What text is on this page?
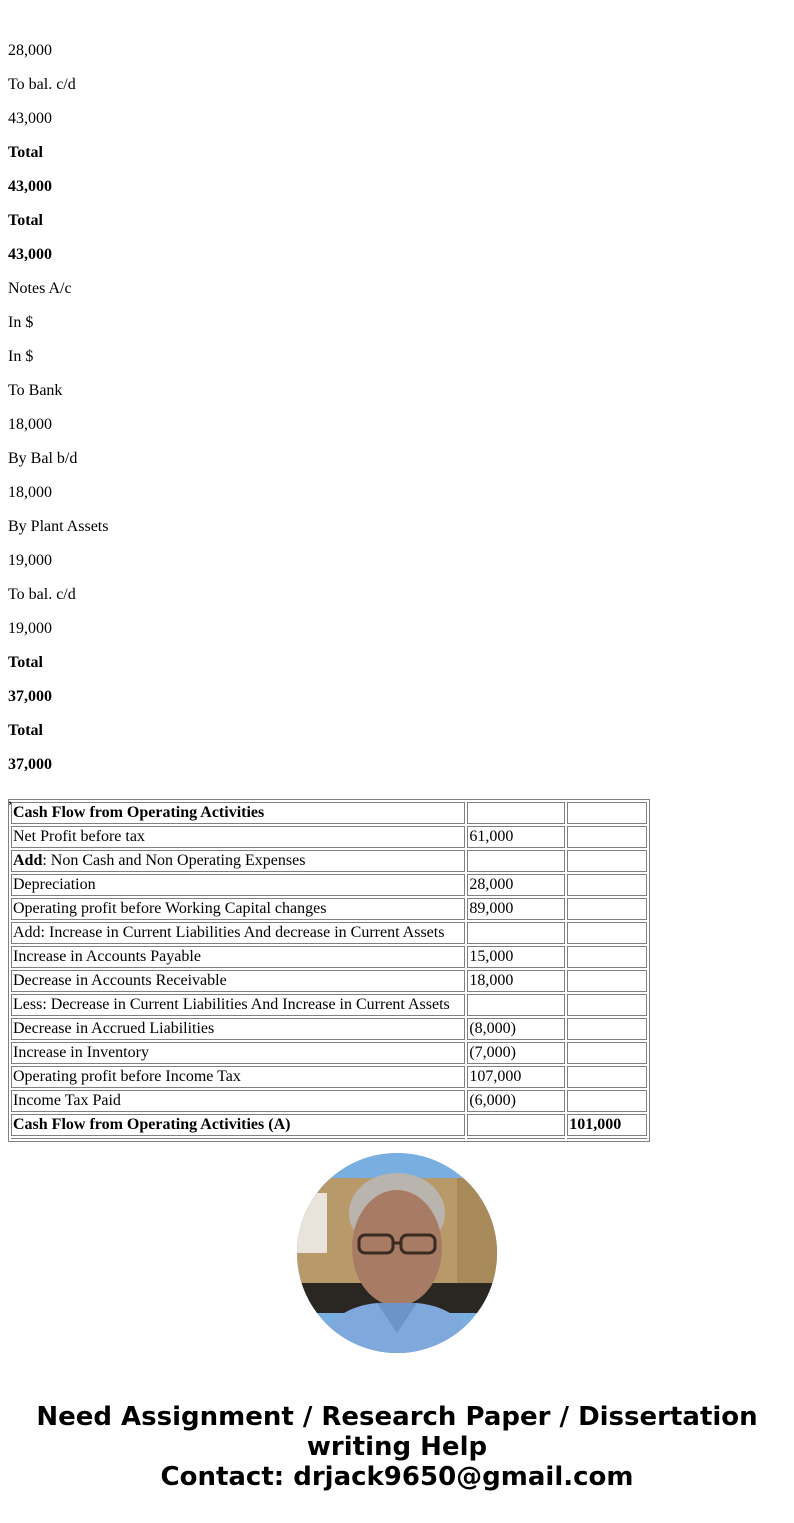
28,000
To bal. c/d
43,000
Total
43,000
Total
43,000
Notes A/c
In $
In $
To Bank
18,000
By Bal b/d
18,000
By Plant Assets
19,000
To bal. c/d
19,000
Total
37,000
Total
37,000
,
Cash Flow from Operating Activities		
Net Profit before tax	61,000	
Add: Non Cash and Non Operating Expenses		
Depreciation	28,000	
Operating profit before Working Capital changes	89,000	
Add: Increase in Current Liabilities And decrease in Current Assets		
Increase in Accounts Payable	15,000	
Decrease in Accounts Receivable	18,000	
Less: Decrease in Current Liabilities And Increase in Current Assets		
Decrease in Accrued Liabilities	(8,000)	
Increase in Inventory	(7,000)	
Operating profit before Income Tax	107,000	
Income Tax Paid	(6,000)	
Cash Flow from Operating Activities (A)		101,000

Need Assignment / Research Paper / Dissertation
writing Help
Contact: drjack9650@gmail.com
